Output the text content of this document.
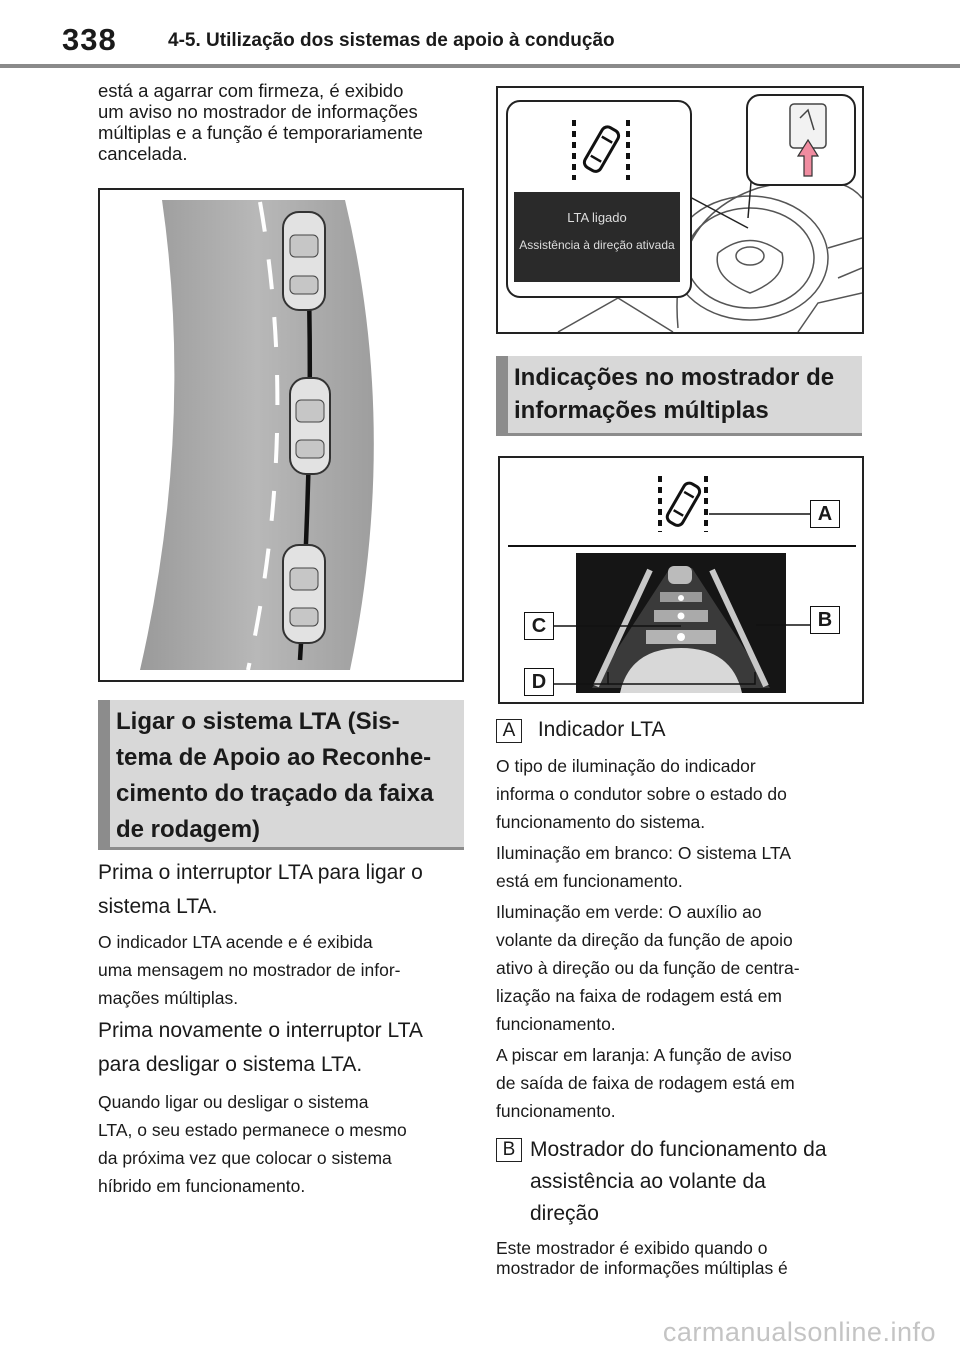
338	4-5. Utilização dos sistemas de apoio à condução
está a agarrar com firmeza, é exibido
um aviso no mostrador de informações
múltiplas e a função é temporariamente
cancelada.
Ligar o sistema LTA (Sis-
tema de Apoio ao Reconhe-
cimento do traçado da faixa
de rodagem)
Prima o interruptor LTA para ligar o
sistema LTA.
O indicador LTA acende e é exibida
uma mensagem no mostrador de infor-
mações múltiplas.
Prima novamente o interruptor LTA
para desligar o sistema LTA.
Quando ligar ou desligar o sistema
LTA, o seu estado permanece o mesmo
da próxima vez que colocar o sistema
híbrido em funcionamento.
LTA ligado
Assistência à direção ativada
Indicações no mostrador de
informações múltiplas
A
B
C
D
A Indicador LTA
O tipo de iluminação do indicador
informa o condutor sobre o estado do
funcionamento do sistema.
Iluminação em branco: O sistema LTA
está em funcionamento.
Iluminação em verde: O auxílio ao
volante da direção da função de apoio
ativo à direção ou da função de centra-
lização na faixa de rodagem está em
funcionamento.
A piscar em laranja: A função de aviso
de saída de faixa de rodagem está em
funcionamento.
B Mostrador do funcionamento da
assistência ao volante da
direção
Este mostrador é exibido quando o
mostrador de informações múltiplas é
carmanualsonline.info
